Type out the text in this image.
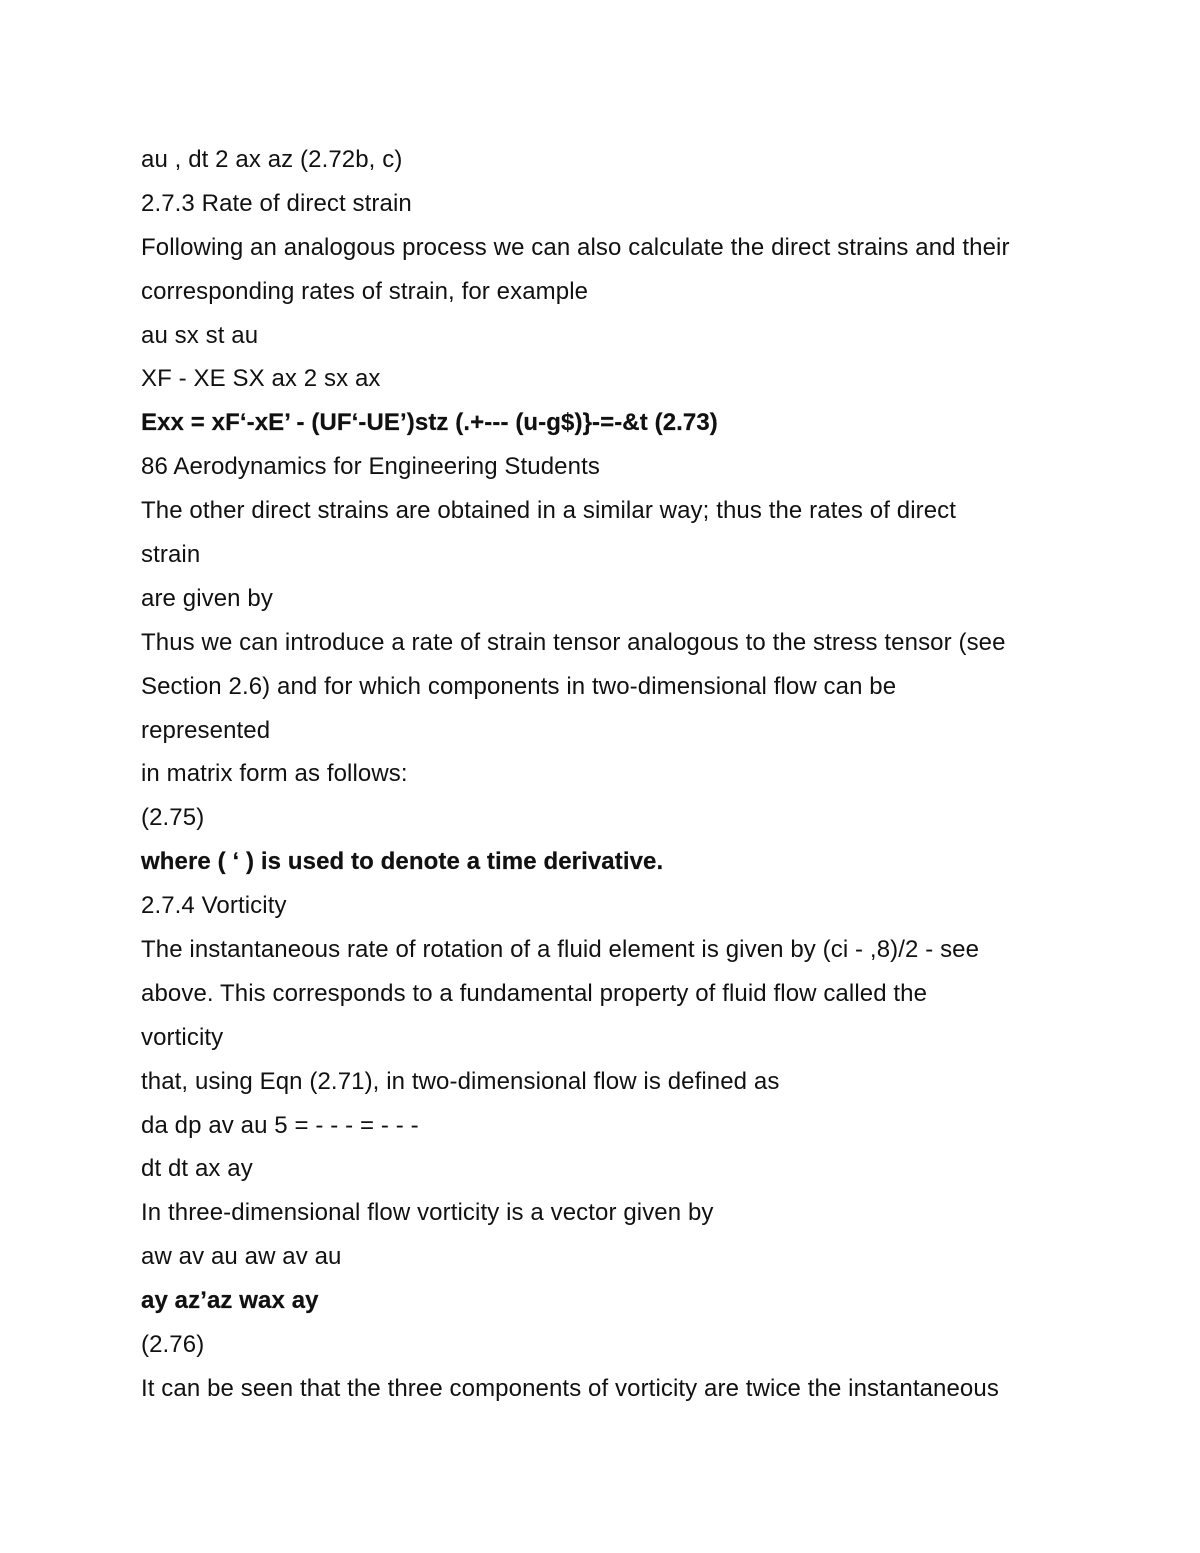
au , dt 2 ax az (2.72b, c)
2.7.3 Rate of direct strain
Following an analogous process we can also calculate the direct strains and their
corresponding rates of strain, for example
au sx st au
XF - XE SX ax 2 sx ax
Exx = xF‘-xE’ - (UF‘-UE’)stz (.+--- (u-g$)}-=-&t (2.73)
86 Aerodynamics for Engineering Students
The other direct strains are obtained in a similar way; thus the rates of direct
strain
are given by
Thus we can introduce a rate of strain tensor analogous to the stress tensor (see
Section 2.6) and for which components in two-dimensional flow can be
represented
in matrix form as follows:
(2.75)
where ( ‘ ) is used to denote a time derivative.
2.7.4 Vorticity
The instantaneous rate of rotation of a fluid element is given by (ci - ,8)/2 - see
above. This corresponds to a fundamental property of fluid flow called the
vorticity
that, using Eqn (2.71), in two-dimensional flow is defined as
da dp av au 5 = - - - = - - -
dt dt ax ay
In three-dimensional flow vorticity is a vector given by
aw av au aw av au
ay az’az wax ay
(2.76)
It can be seen that the three components of vorticity are twice the instantaneous
